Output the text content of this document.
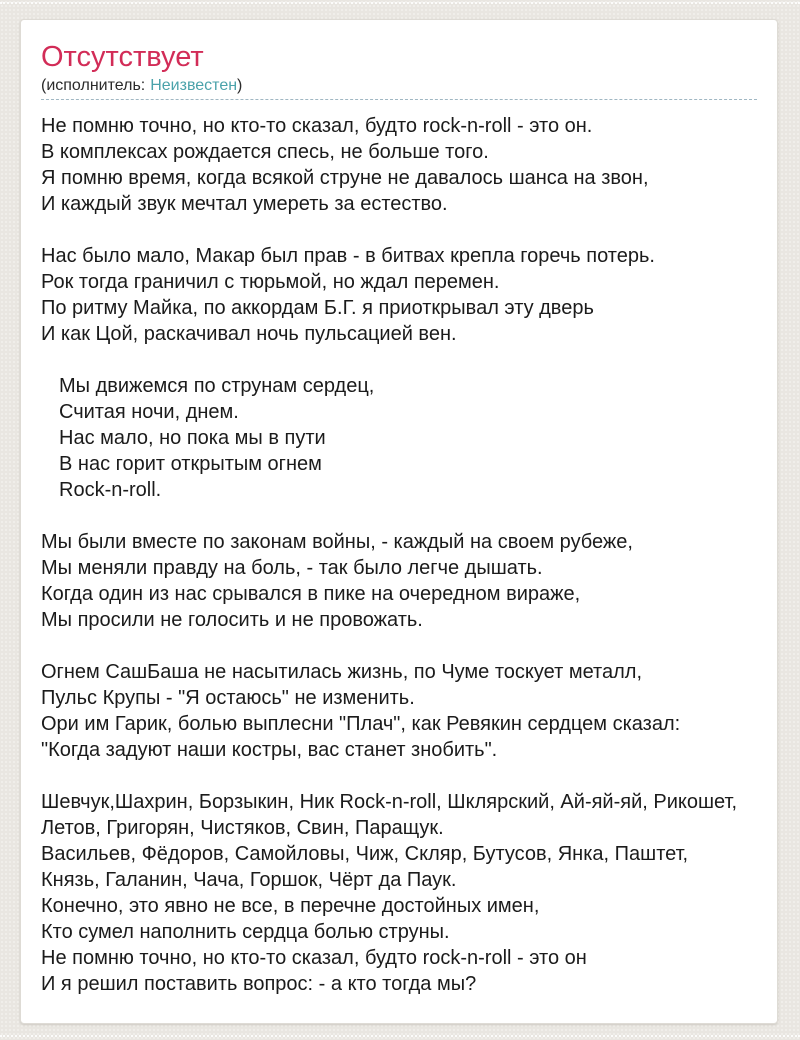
Отсутствует
(исполнитель: Неизвестен)
Не помню точно, но кто-то сказал, будто rock-n-roll - это он.
В комплексах рождается спесь, не больше того.
Я помню время, когда всякой струне не давалось шанса на звон,
И каждый звук мечтал умереть за естество.
Нас было мало, Макар был прав - в битвах крепла горечь потерь.
Рок тогда граничил с тюрьмой, но ждал перемен.
По ритму Майка, по аккордам Б.Г. я приоткрывал эту дверь
И как Цой, раскачивал ночь пульсацией вен.
Мы движемся по струнам сердец,
Считая ночи, днем.
Нас мало, но пока мы в пути
В нас горит открытым огнем
Rock-n-roll.
Мы были вместе по законам войны, - каждый на своем рубеже,
Мы меняли правду на боль, - так было легче дышать.
Когда один из нас срывался в пике на очередном вираже,
Мы просили не голосить и не провожать.
Огнем СашБаша не насытилась жизнь, по Чуме тоскует металл,
Пульс Крупы - "Я остаюсь" не изменить.
Ори им Гарик, болью выплесни "Плач", как Ревякин сердцем сказал:
"Когда задуют наши костры, вас станет знобить".
Шевчук,Шахрин, Борзыкин, Ник Rock-n-roll, Шклярский, Ай-яй-яй, Рикошет,
Летов, Григорян, Чистяков, Свин, Паращук.
Васильев, Фёдоров, Самойловы, Чиж, Скляр, Бутусов, Янка, Паштет,
Князь, Галанин, Чача, Горшок, Чёрт да Паук.
Конечно, это явно не все, в перечне достойных имен,
Кто сумел наполнить сердца болью струны.
Не помню точно, но кто-то сказал, будто rock-n-roll - это он
И я решил поставить вопрос: - а кто тогда мы?
